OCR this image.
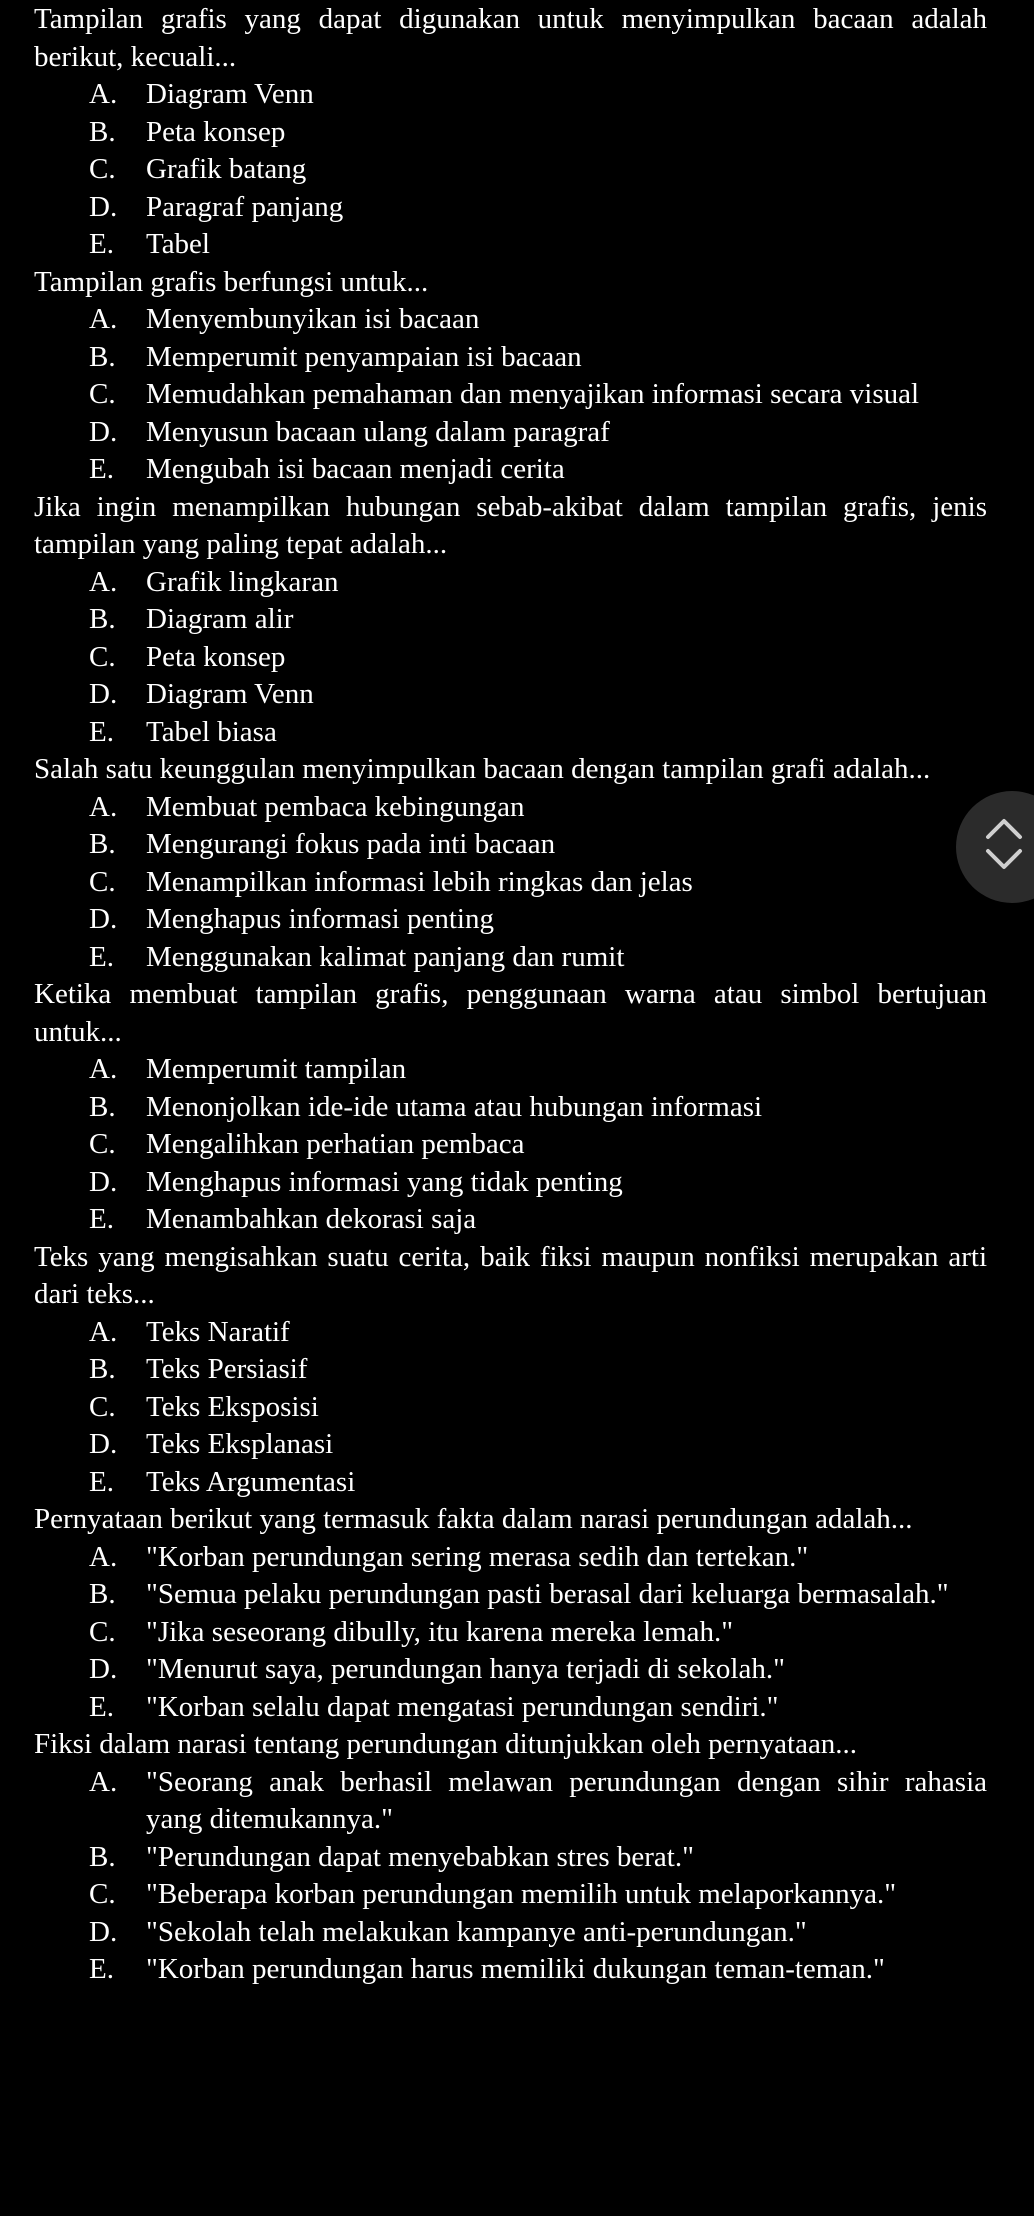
Tampilan grafis yang dapat digunakan untuk menyimpulkan bacaan adalah berikut, kecuali...

A. Diagram Venn
B. Peta konsep
C. Grafik batang
D. Paragraf panjang
E. Tabel

Tampilan grafis berfungsi untuk...

A. Menyembunyikan isi bacaan
B. Memperumit penyampaian isi bacaan
C. Memudahkan pemahaman dan menyajikan informasi secara visual
D. Menyusun bacaan ulang dalam paragraf
E. Mengubah isi bacaan menjadi cerita

Jika ingin menampilkan hubungan sebab-akibat dalam tampilan grafis, jenis tampilan yang paling tepat adalah...

A. Grafik lingkaran
B. Diagram alir
C. Peta konsep
D. Diagram Venn
E. Tabel biasa

Salah satu keunggulan menyimpulkan bacaan dengan tampilan grafi adalah...

A. Membuat pembaca kebingungan
B. Mengurangi fokus pada inti bacaan
C. Menampilkan informasi lebih ringkas dan jelas
D. Menghapus informasi penting
E. Menggunakan kalimat panjang dan rumit

Ketika membuat tampilan grafis, penggunaan warna atau simbol bertujuan untuk...

A. Memperumit tampilan
B. Menonjolkan ide-ide utama atau hubungan informasi
C. Mengalihkan perhatian pembaca
D. Menghapus informasi yang tidak penting
E. Menambahkan dekorasi saja

Teks yang mengisahkan suatu cerita, baik fiksi maupun nonfiksi merupakan arti dari teks...

A. Teks Naratif
B. Teks Persiasif
C. Teks Eksposisi
D. Teks Eksplanasi
E. Teks Argumentasi

Pernyataan berikut yang termasuk fakta dalam narasi perundungan adalah...

A. "Korban perundungan sering merasa sedih dan tertekan."
B. "Semua pelaku perundungan pasti berasal dari keluarga bermasalah."
C. "Jika seseorang dibully, itu karena mereka lemah."
D. "Menurut saya, perundungan hanya terjadi di sekolah."
E. "Korban selalu dapat mengatasi perundungan sendiri."

Fiksi dalam narasi tentang perundungan ditunjukkan oleh pernyataan...

A. "Seorang anak berhasil melawan perundungan dengan sihir rahasia yang ditemukannya."
B. "Perundungan dapat menyebabkan stres berat."
C. "Beberapa korban perundungan memilih untuk melaporkannya."
D. "Sekolah telah melakukan kampanye anti-perundungan."
E. "Korban perundungan harus memiliki dukungan teman-teman."
